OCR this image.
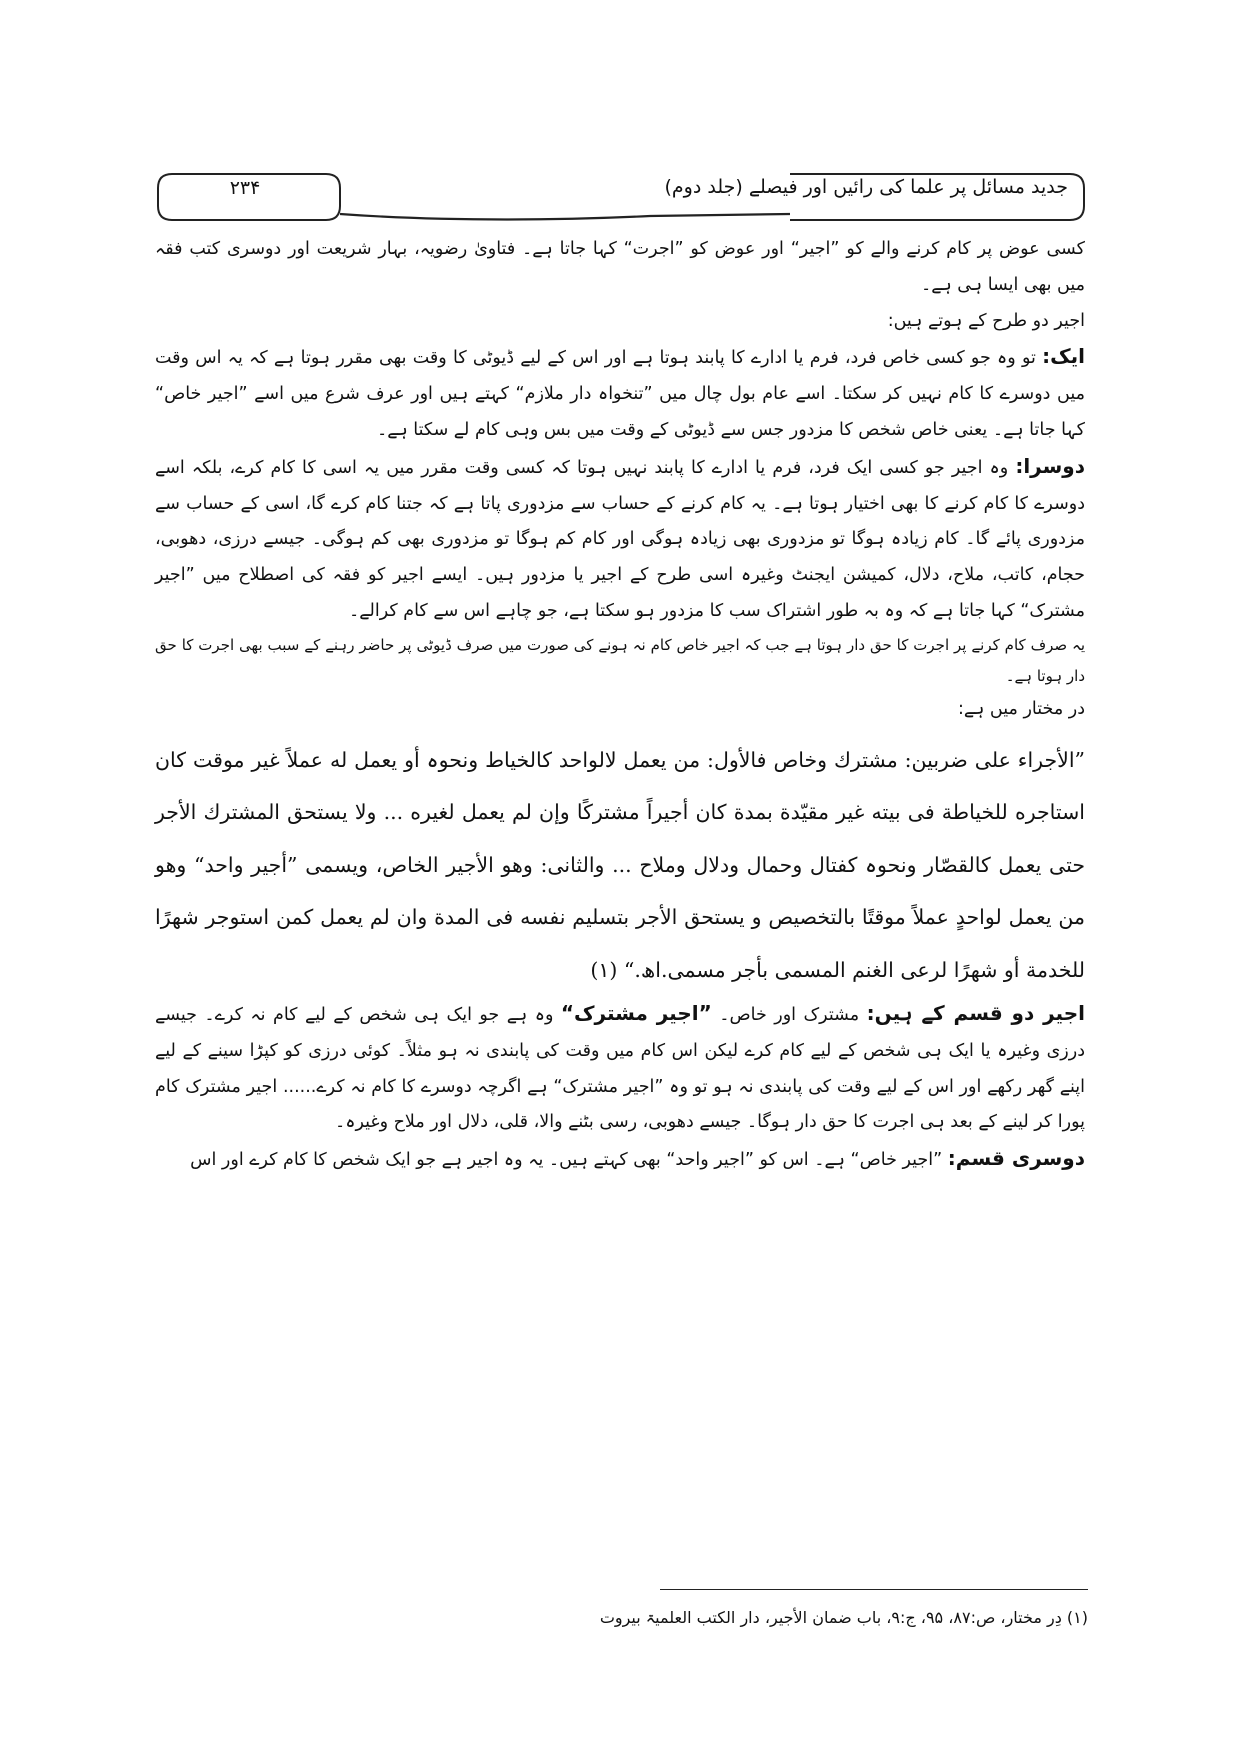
جدید مسائل پر علما کی رائیں اور فیصلے (جلد دوم)
۲۳۴

کسی عوض پر کام کرنے والے کو ”اجیر“ اور عوض کو ”اجرت“ کہا جاتا ہے۔ فتاویٰ رضویہ، بہار شریعت اور دوسری کتب فقہ میں بھی ایسا ہی ہے۔

اجیر دو طرح کے ہوتے ہیں:

ایک: تو وہ جو کسی خاص فرد، فرم یا ادارے کا پابند ہوتا ہے اور اس کے لیے ڈیوٹی کا وقت بھی مقرر ہوتا ہے کہ یہ اس وقت میں دوسرے کا کام نہیں کر سکتا۔ اسے عام بول چال میں ”تنخواہ دار ملازم“ کہتے ہیں اور عرف شرع میں اسے ”اجیر خاص“ کہا جاتا ہے۔ یعنی خاص شخص کا مزدور جس سے ڈیوٹی کے وقت میں بس وہی کام لے سکتا ہے۔

دوسرا: وہ اجیر جو کسی ایک فرد، فرم یا ادارے کا پابند نہیں ہوتا کہ کسی وقت مقرر میں یہ اسی کا کام کرے، بلکہ اسے دوسرے کا کام کرنے کا بھی اختیار ہوتا ہے۔ یہ کام کرنے کے حساب سے مزدوری پاتا ہے کہ جتنا کام کرے گا، اسی کے حساب سے مزدوری پائے گا۔ کام زیادہ ہوگا تو مزدوری بھی زیادہ ہوگی اور کام کم ہوگا تو مزدوری بھی کم ہوگی۔ جیسے درزی، دھوبی، حجام، کاتب، ملاح، دلال، کمیشن ایجنٹ وغیرہ اسی طرح کے اجیر یا مزدور ہیں۔ ایسے اجیر کو فقہ کی اصطلاح میں ”اجیر مشترک“ کہا جاتا ہے کہ وہ بہ طور اشتراک سب کا مزدور ہو سکتا ہے، جو چاہے اس سے کام کرالے۔

یہ صرف کام کرنے پر اجرت کا حق دار ہوتا ہے جب کہ اجیر خاص کام نہ ہونے کی صورت میں صرف ڈیوٹی پر حاضر رہنے کے سبب بھی اجرت کا حق دار ہوتا ہے۔

در مختار میں ہے:

”الأجراء علی ضربین: مشترك وخاص فالأول: من یعمل لالواحد کالخیاط ونحوہ أو یعمل له عملاً غیر موقت كان استاجره للخیاطة فی بیته غیر مقیّدة بمدة كان أجيراً مشتركًا وإن لم یعمل لغیره ... ولا یستحق المشترك الأجر حتی یعمل كالقصّار ونحوہ کفتال وحمال ودلال وملاح ... والثانی: وهو الأجیر الخاص، ویسمی ”أجیر واحد“ وهو من یعمل لواحدٍ عملاً موقتًا بالتخصیص و یستحق الأجر بتسلیم نفسه فی المدة وان لم یعمل كمن استوجر شهرًا للخدمة أو شهرًا لرعی الغنم المسمی بأجر مسمی.اھ.“ (۱)

اجیر دو قسم کے ہیں: مشترک اور خاص۔ ”اجیر مشترک“ وہ ہے جو ایک ہی شخص کے لیے کام نہ کرے۔ جیسے درزی وغیرہ یا ایک ہی شخص کے لیے کام کرے لیکن اس کام میں وقت کی پابندی نہ ہو مثلاً۔ کوئی درزی کو کپڑا سینے کے لیے اپنے گھر رکھے اور اس کے لیے وقت کی پابندی نہ ہو تو وہ ”اجیر مشترک“ ہے اگرچہ دوسرے کا کام نہ کرے...... اجیر مشترک کام پورا کر لینے کے بعد ہی اجرت کا حق دار ہوگا۔ جیسے دھوبی، رسی بٹنے والا، قلی، دلال اور ملاح وغیرہ۔

دوسری قسم: ”اجیر خاص“ ہے۔ اس کو ”اجیر واحد“ بھی کہتے ہیں۔ یہ وہ اجیر ہے جو ایک شخص کا کام کرے اور اس

(۱) دِر مختار، ص:۸۷، ۹۵، ج:۹، باب ضمان الأجیر، دار الکتب العلمیۃ بیروت
